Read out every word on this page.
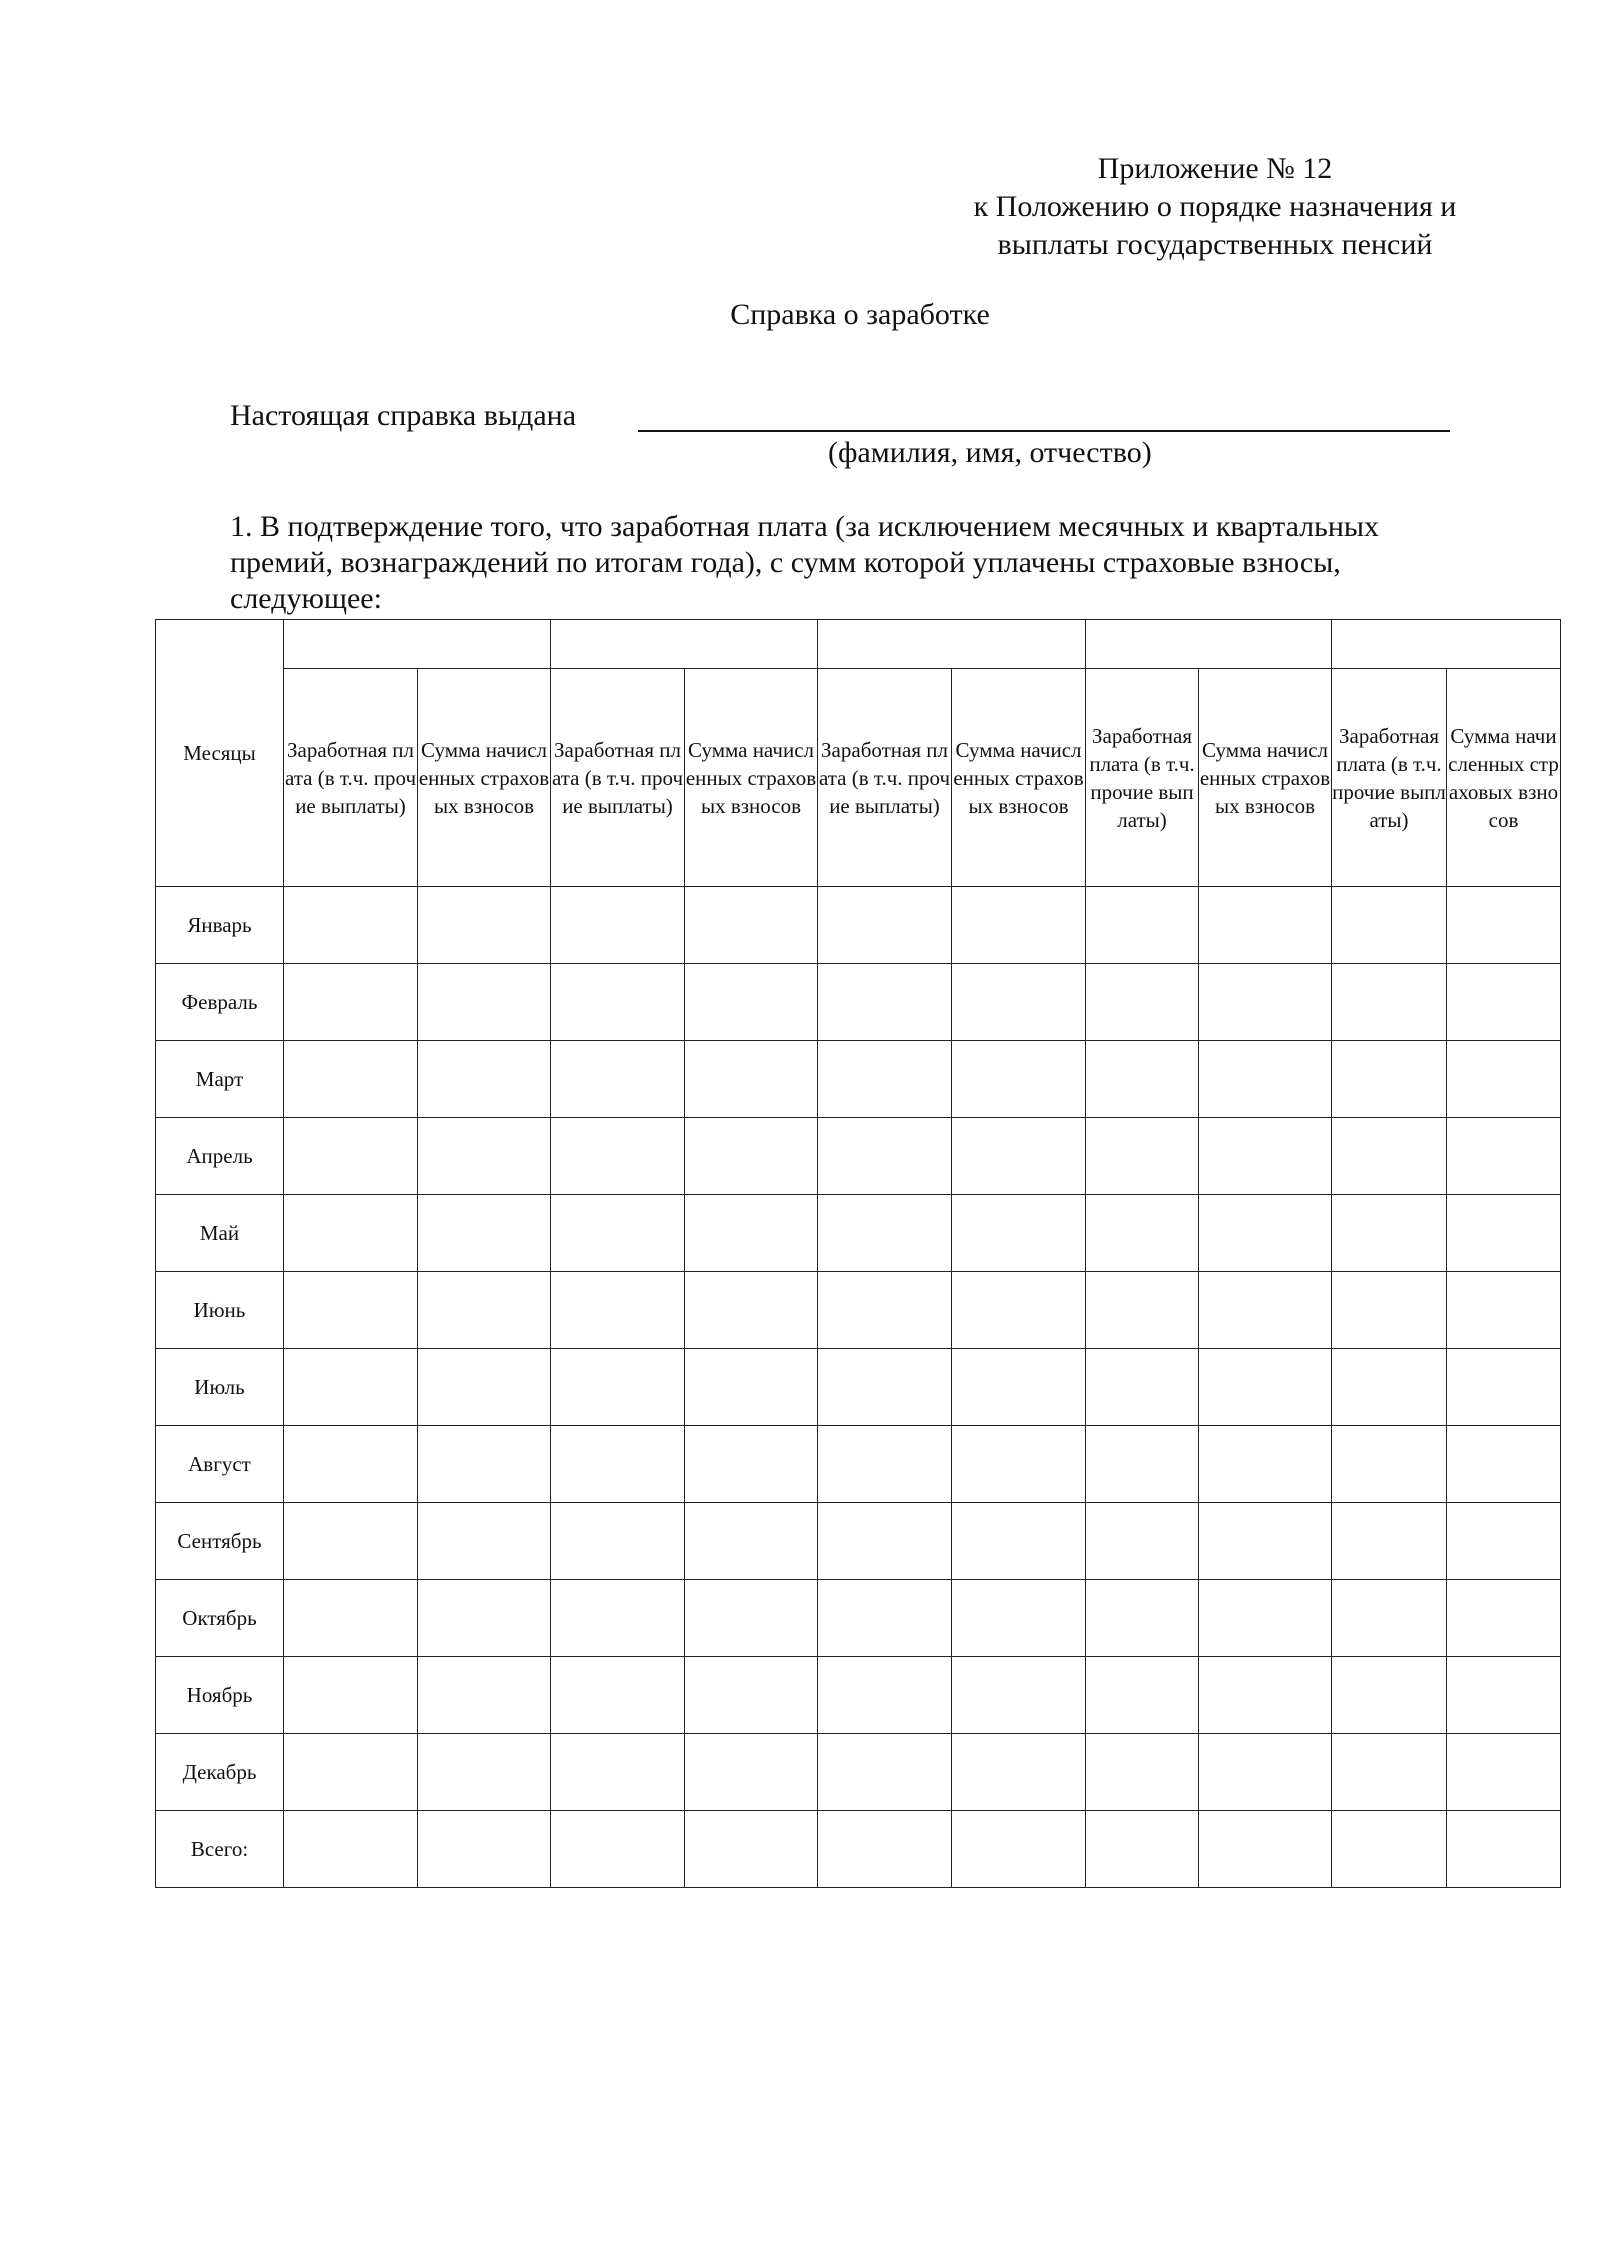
Приложение № 12
к Положению о порядке назначения и
выплаты государственных пенсий
Справка о заработке
Настоящая справка выдана
(фамилия, имя, отчество)
1. В подтверждение того, что заработная плата (за исключением месячных и квартальных
премий, вознаграждений по итогам года), с сумм которой уплачены страховые взносы,
следующее:
Месяцы										
	Заработная плата (в т.ч. прочие выплаты)	Сумма начисленных страховых взносов	Заработная плата (в т.ч. прочие выплаты)	Сумма начисленных страховых взносов	Заработная плата (в т.ч. прочие выплаты)	Сумма начисленных страховых взносов	Заработная плата (в т.ч. прочие выплаты)	Сумма начисленных страховых взносов	Заработная плата (в т.ч. прочие выплаты)	Сумма начисленных страховых взносов
Январь										
Февраль										
Март										
Апрель										
Май										
Июнь										
Июль										
Август										
Сентябрь										
Октябрь										
Ноябрь										
Декабрь										
Всего:										
